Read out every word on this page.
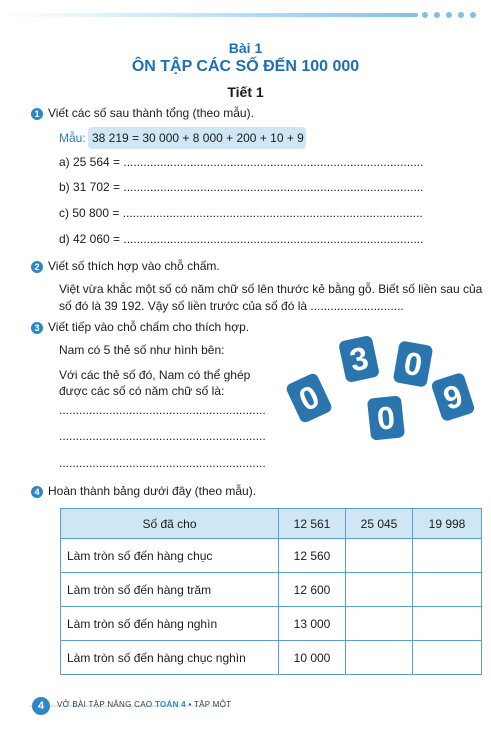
Bài 1
ÔN TẬP CÁC SỐ ĐẾN 100 000
Tiết 1
1 Viết các số sau thành tổng (theo mẫu).
Mẫu: 38 219 = 30 000 + 8 000 + 200 + 10 + 9
a) 25 564 = ..........................................................................................
b) 31 702 = ..........................................................................................
c) 50 800 = ..........................................................................................
d) 42 060 = ..........................................................................................
2 Viết số thích hợp vào chỗ chấm.
Việt vừa khắc một số có năm chữ số lên thước kẻ bằng gỗ. Biết số liền sau của
số đó là 39 192. Vậy số liền trước của số đó là ............................
3 Viết tiếp vào chỗ chấm cho thích hợp.
Nam có 5 thẻ số như hình bên:
Với các thẻ số đó, Nam có thể ghép
được các số có năm chữ số là:
..............................................................
..............................................................
..............................................................
0
3 0
9
0
4 Hoàn thành bảng dưới đây (theo mẫu).
Số đã cho	12 561	25 045	19 998
Làm tròn số đến hàng chục	12 560		
Làm tròn số đến hàng trăm	12 600		
Làm tròn số đến hàng nghìn	13 000		
Làm tròn số đến hàng chục nghìn	10 000		
4	VỞ BÀI TẬP NÂNG CAO TOÁN 4 • TẬP MỘT
